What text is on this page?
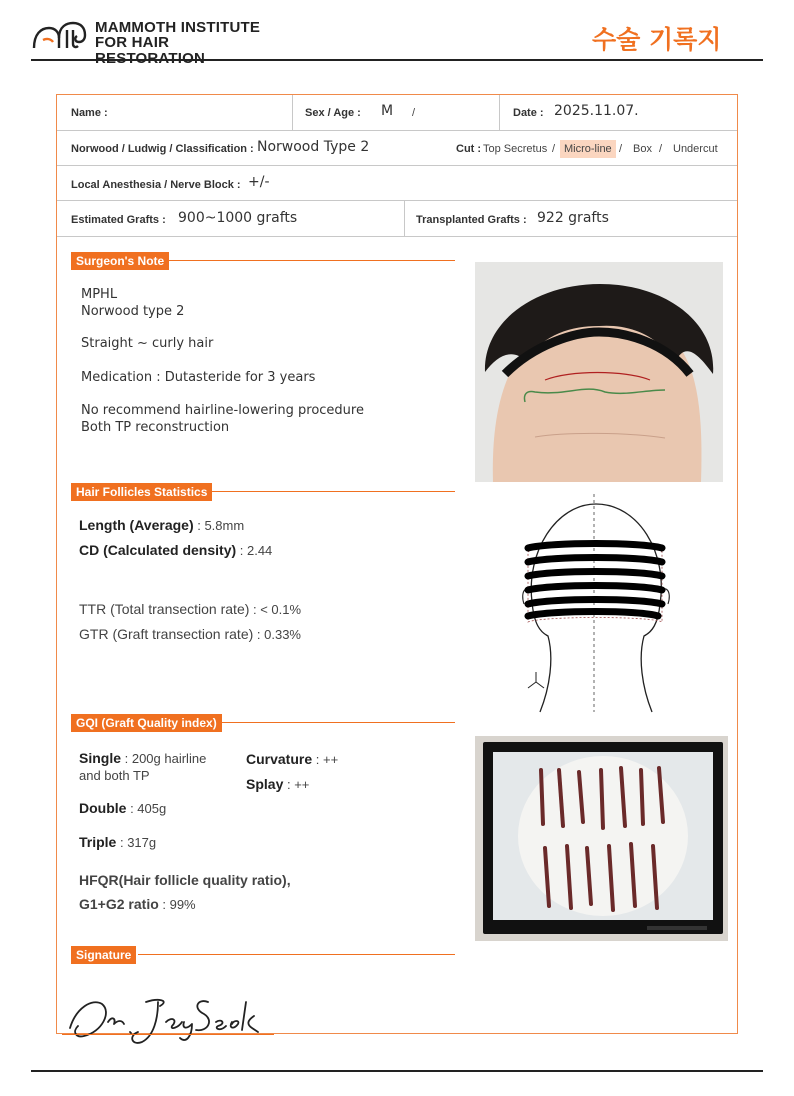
MAMMOTH INSTITUTE
FOR HAIR	수술 기록지
Name :	Sex / Age : M /	Date : 2025.11.07.
Norwood / Ludwig / Classification : Norwood Type 2	Cut : Top Secretus / Micro-line / Box / Undercut
Local Anesthesia / Nerve Block : +/-
Estimated Grafts : 900~1000 grafts	Transplanted Grafts : 922 grafts
Surgeon's Note
MPHL
Norwood type 2
Straight ~ curly hair
Medication : Dutasteride for 3 years
No recommend hairline-lowering procedure
Both TP reconstruction
Hair Follicles Statistics
Length (Average) : 5.8mm
CD (Calculated density) : 2.44
TTR (Total transection rate) : < 0.1%
GTR (Graft transection rate) : 0.33%
GQI (Graft Quality index)
Single : 200g hairline
and both TP
Double : 405g
Triple : 317g
Curvature : ++
Splay : ++
HFQR(Hair follicle quality ratio),
G1+G2 ratio : 99%
Signature
